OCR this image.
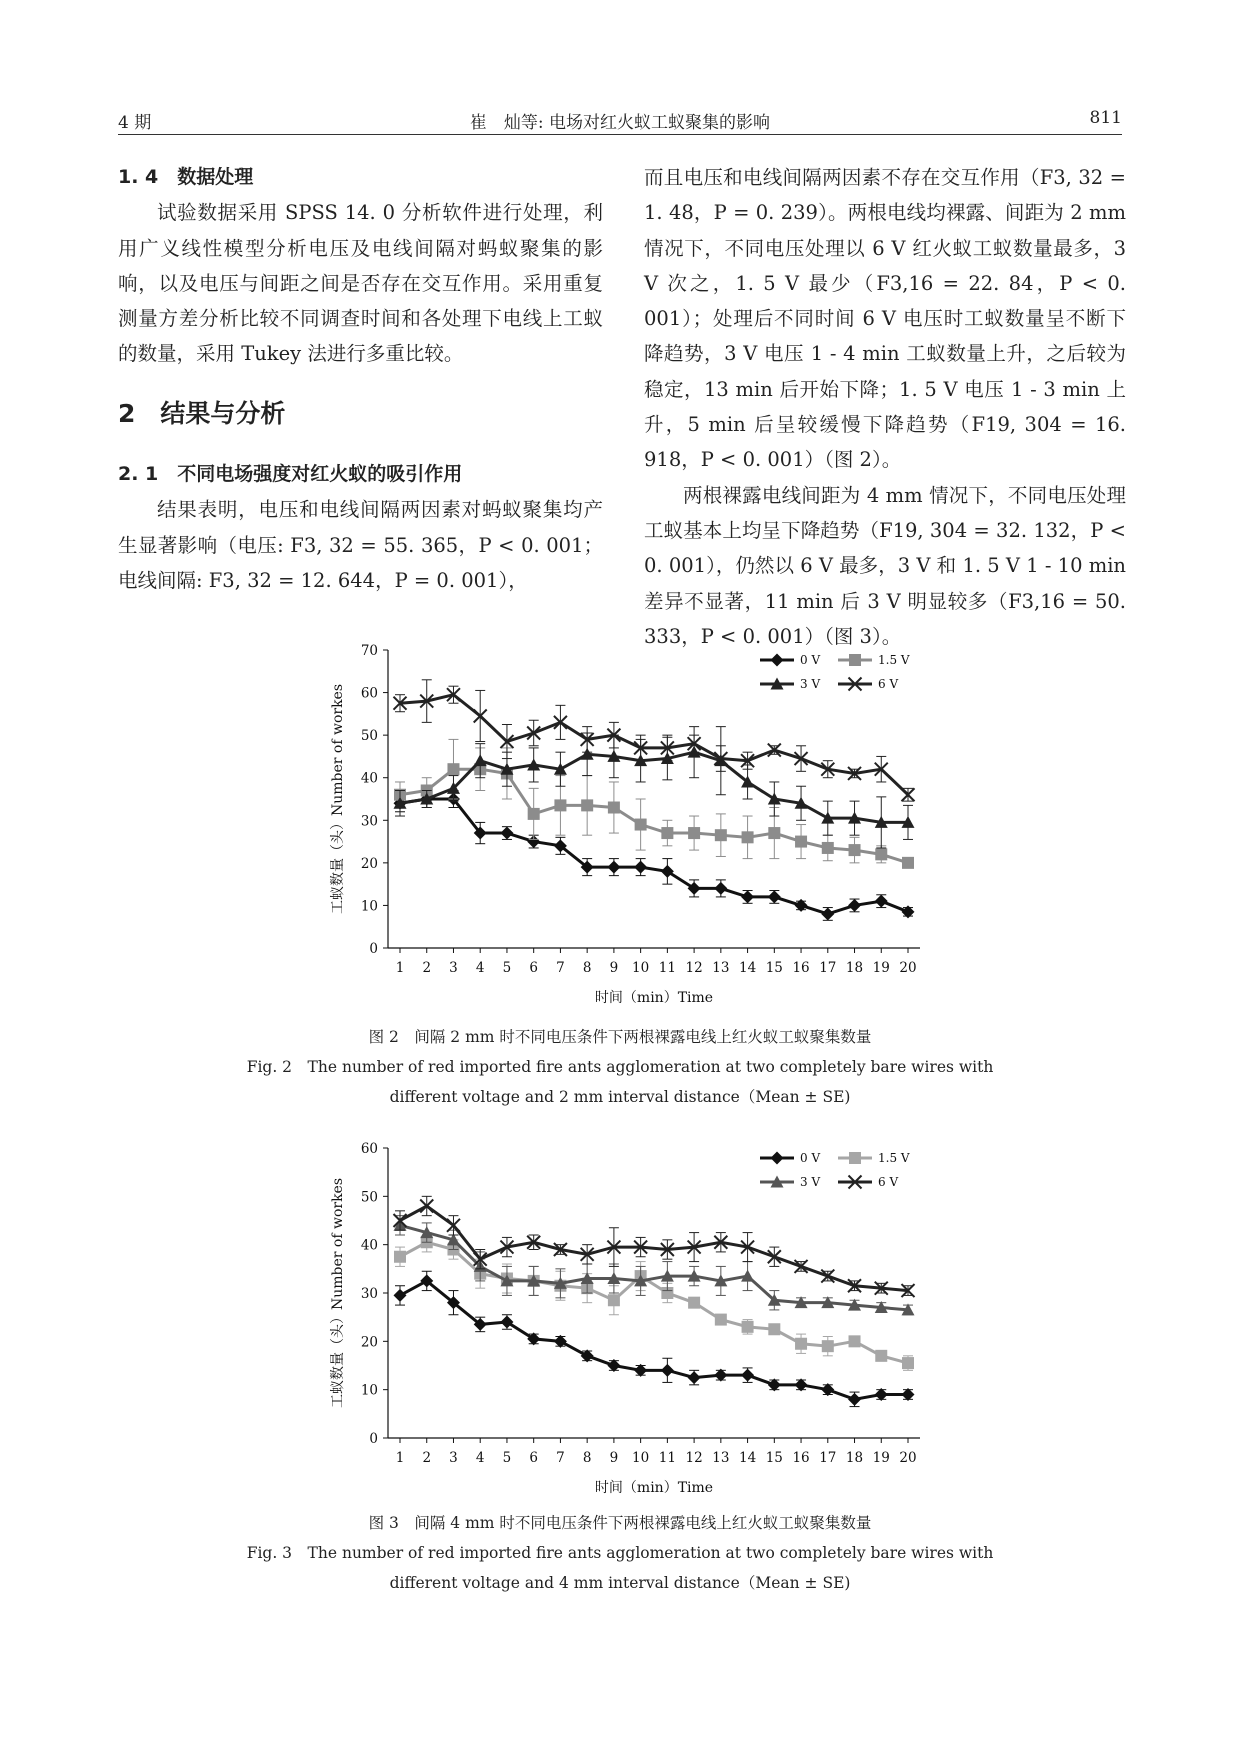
4 期	崔　灿等: 电场对红火蚁工蚁聚集的影响	811

1. 4　数据处理

试验数据采用 SPSS 14. 0 分析软件进行处理，利用广义线性模型分析电压及电线间隔对蚂蚁聚集的影响，以及电压与间距之间是否存在交互作用。采用重复测量方差分析比较不同调查时间和各处理下电线上工蚁的数量，采用 Tukey 法进行多重比较。

2　结果与分析

2. 1　不同电场强度对红火蚁的吸引作用

结果表明，电压和电线间隔两因素对蚂蚁聚集均产生显著影响（电压: F3, 32 = 55. 365，P < 0. 001；电线间隔: F3, 32 = 12. 644，P = 0. 001），

而且电压和电线间隔两因素不存在交互作用（F3, 32 = 1. 48，P = 0. 239）。两根电线均裸露、间距为 2 mm 情况下，不同电压处理以 6 V 红火蚁工蚁数量最多，3 V 次之，1. 5 V 最少（F3,16 = 22. 84，P < 0. 001）；处理后不同时间 6 V 电压时工蚁数量呈不断下降趋势，3 V 电压 1 - 4 min 工蚁数量上升，之后较为稳定，13 min 后开始下降；1. 5 V 电压 1 - 3 min 上升，5 min 后呈较缓慢下降趋势（F19, 304 = 16. 918，P < 0. 001）（图 2）。

两根裸露电线间距为 4 mm 情况下，不同电压处理工蚁基本上均呈下降趋势（F19, 304 = 32. 132，P < 0. 001），仍然以 6 V 最多，3 V 和 1. 5 V 1 - 10 min 差异不显著，11 min 后 3 V 明显较多（F3,16 = 50. 333，P < 0. 001）（图 3）。

0
10
20
30
40
50
60
70
1 2 3 4 5 6 7 8 9 10 11 12 13 14 15 16 17 18 19 20
时间（min）Time
工蚁数量（头）Number of workes
0 V	1.5 V
3 V	6 V
图 2　间隔 2 mm 时不同电压条件下两根裸露电线上红火蚁工蚁聚集数量
Fig. 2　The number of red imported fire ants agglomeration at two completely bare wires with
different voltage and 2 mm interval distance（Mean ± SE)
0
10
20
30
40
50
60
1 2 3 4 5 6 7 8 9 10 11 12 13 14 15 16 17 18 19 20
时间（min）Time
工蚁数量（头）Number of workes
0 V	1.5 V
3 V	6 V
图 3　间隔 4 mm 时不同电压条件下两根裸露电线上红火蚁工蚁聚集数量
Fig. 3　The number of red imported fire ants agglomeration at two completely bare wires with
different voltage and 4 mm interval distance（Mean ± SE)
